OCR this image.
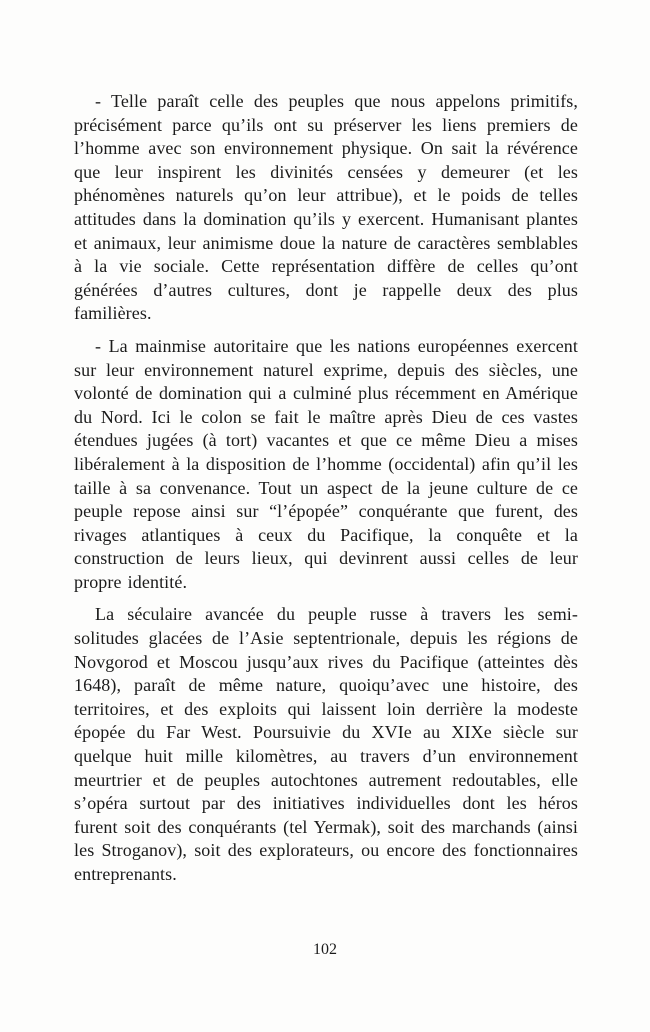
- Telle paraît celle des peuples que nous appelons primitifs, précisément parce qu’ils ont su préserver les liens premiers de l’homme avec son environnement physique. On sait la révérence que leur inspirent les divinités censées y demeurer (et les phénomènes naturels qu’on leur attribue), et le poids de telles attitudes dans la domination qu’ils y exercent. Humanisant plantes et animaux, leur animisme doue la nature de caractères semblables à la vie sociale. Cette représentation diffère de celles qu’ont générées d’autres cultures, dont je rappelle deux des plus familières.

- La mainmise autoritaire que les nations européennes exercent sur leur environnement naturel exprime, depuis des siècles, une volonté de domination qui a culminé plus récemment en Amérique du Nord. Ici le colon se fait le maître après Dieu de ces vastes étendues jugées (à tort) vacantes et que ce même Dieu a mises libéralement à la disposition de l’homme (occidental) afin qu’il les taille à sa convenance. Tout un aspect de la jeune culture de ce peuple repose ainsi sur “l’épopée” conquérante que furent, des rivages atlantiques à ceux du Pacifique, la conquête et la construction de leurs lieux, qui devinrent aussi celles de leur propre identité.

La séculaire avancée du peuple russe à travers les semi-solitudes glacées de l’Asie septentrionale, depuis les régions de Novgorod et Moscou jusqu’aux rives du Pacifique (atteintes dès 1648), paraît de même nature, quoiqu’avec une histoire, des territoires, et des exploits qui laissent loin derrière la modeste épopée du Far West. Poursuivie du XVIe au XIXe siècle sur quelque huit mille kilomètres, au travers d’un environnement meurtrier et de peuples autochtones autrement redoutables, elle s’opéra surtout par des initiatives individuelles dont les héros furent soit des conquérants (tel Yermak), soit des marchands (ainsi les Stroganov), soit des explorateurs, ou encore des fonctionnaires entreprenants.

102
